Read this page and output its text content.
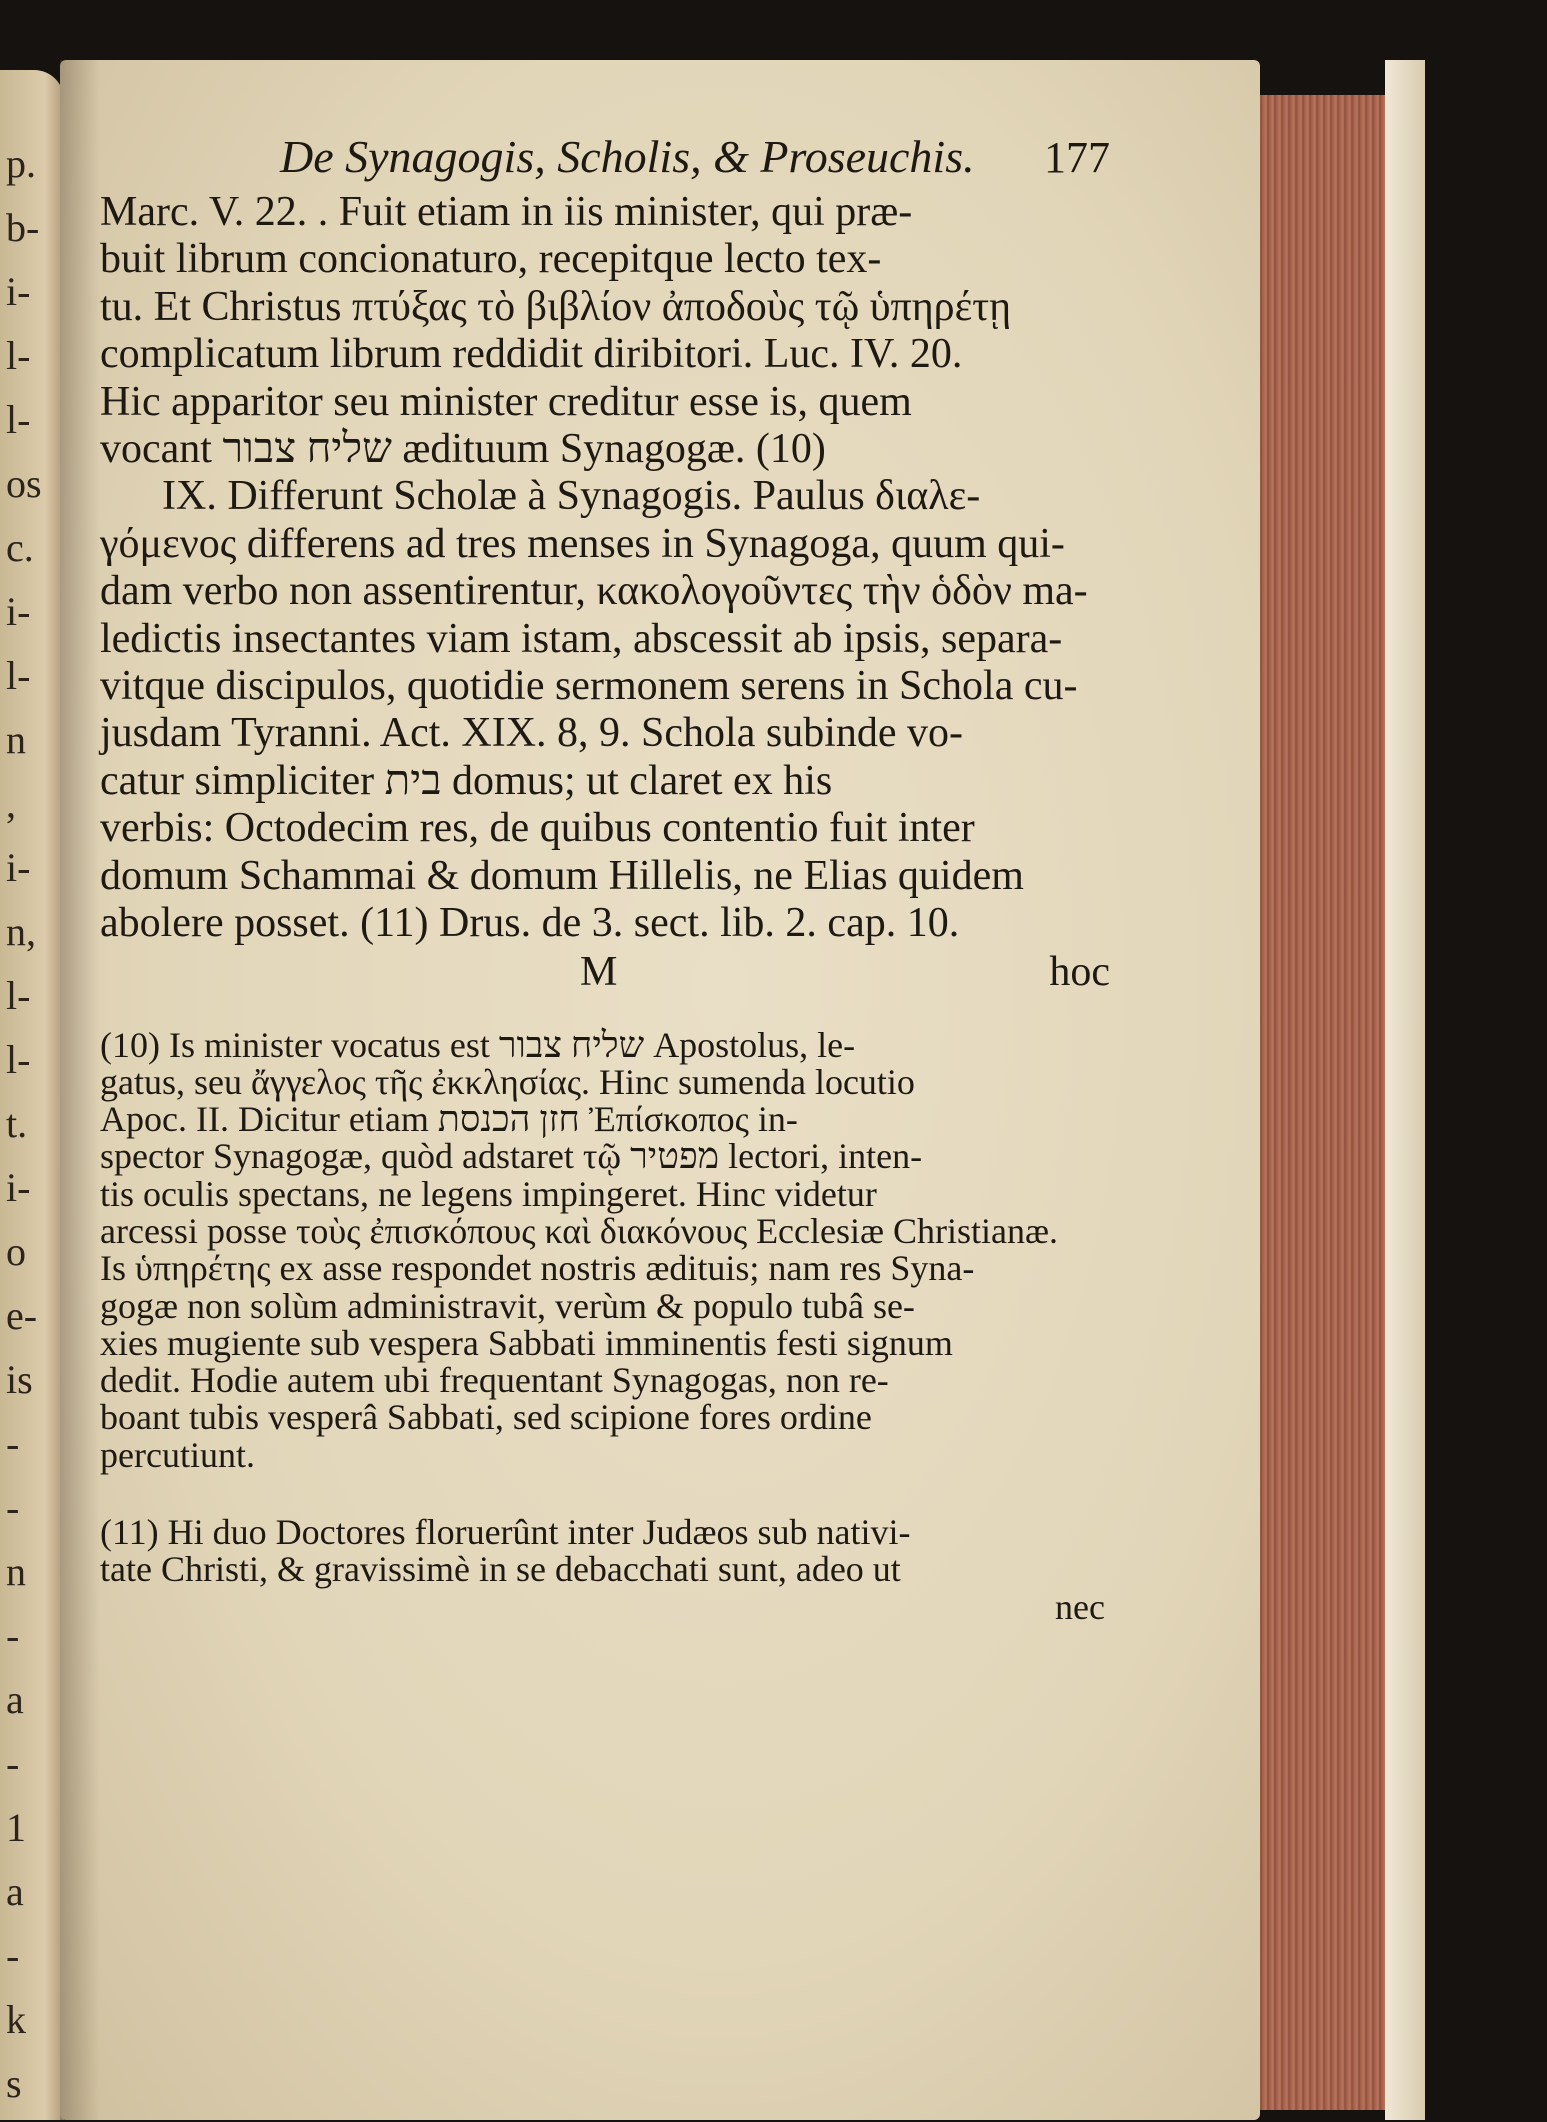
p.
b-
i-
l-
l-
os
c.
i-
l-
n
,
i-
n,
l-
l-
t.
i-
o
e-
is
-
-
n
-
a
-
1
a
-
k
s
De Synagogis, Scholis, & Proseuchis. 177

Marc. V. 22. . Fuit etiam in iis minister, qui præ-

buit librum concionaturo, recepitque lecto tex-

tu. Et Christus πτύξας τὸ βιβλίον ἀποδοὺς τῷ ὑπηρέτῃ

complicatum librum reddidit diribitori. Luc. IV. 20.

Hic apparitor seu minister creditur esse is, quem

vocant שליח צבור ædituum Synagogæ. (10)

IX. Differunt Scholæ à Synagogis. Paulus διαλε-

γόμενος differens ad tres menses in Synagoga, quum qui-

dam verbo non assentirentur, κακολογοῦντες τὴν ὁδὸν ma-

ledictis insectantes viam istam, abscessit ab ipsis, separa-

vitque discipulos, quotidie sermonem serens in Schola cu-

jusdam Tyranni. Act. XIX. 8, 9. Schola subinde vo-

catur simpliciter בית domus; ut claret ex his

verbis: Octodecim res, de quibus contentio fuit inter

domum Schammai & domum Hillelis, ne Elias quidem

abolere posset. (11) Drus. de 3. sect. lib. 2. cap. 10.

M	hoc

(10) Is minister vocatus est שליח צבור Apostolus, le-

gatus, seu ἄγγελος τῆς ἐκκλησίας. Hinc sumenda locutio

Apoc. II. Dicitur etiam חזן הכנסת Ἐπίσκοπος in-

spector Synagogæ, quòd adstaret τῷ מפטיר lectori, inten-

tis oculis spectans, ne legens impingeret. Hinc videtur

arcessi posse τοὺς ἐπισκόπους καὶ διακόνους Ecclesiæ Christianæ.

Is ὑπηρέτης ex asse respondet nostris ædituis; nam res Syna-

gogæ non solùm administravit, verùm & populo tubâ se-

xies mugiente sub vespera Sabbati imminentis festi signum

dedit. Hodie autem ubi frequentant Synagogas, non re-

boant tubis vesperâ Sabbati, sed scipione fores ordine

percutiunt.

(11) Hi duo Doctores floruerûnt inter Judæos sub nativi-

tate Christi, & gravissimè in se debacchati sunt, adeo ut

nec
